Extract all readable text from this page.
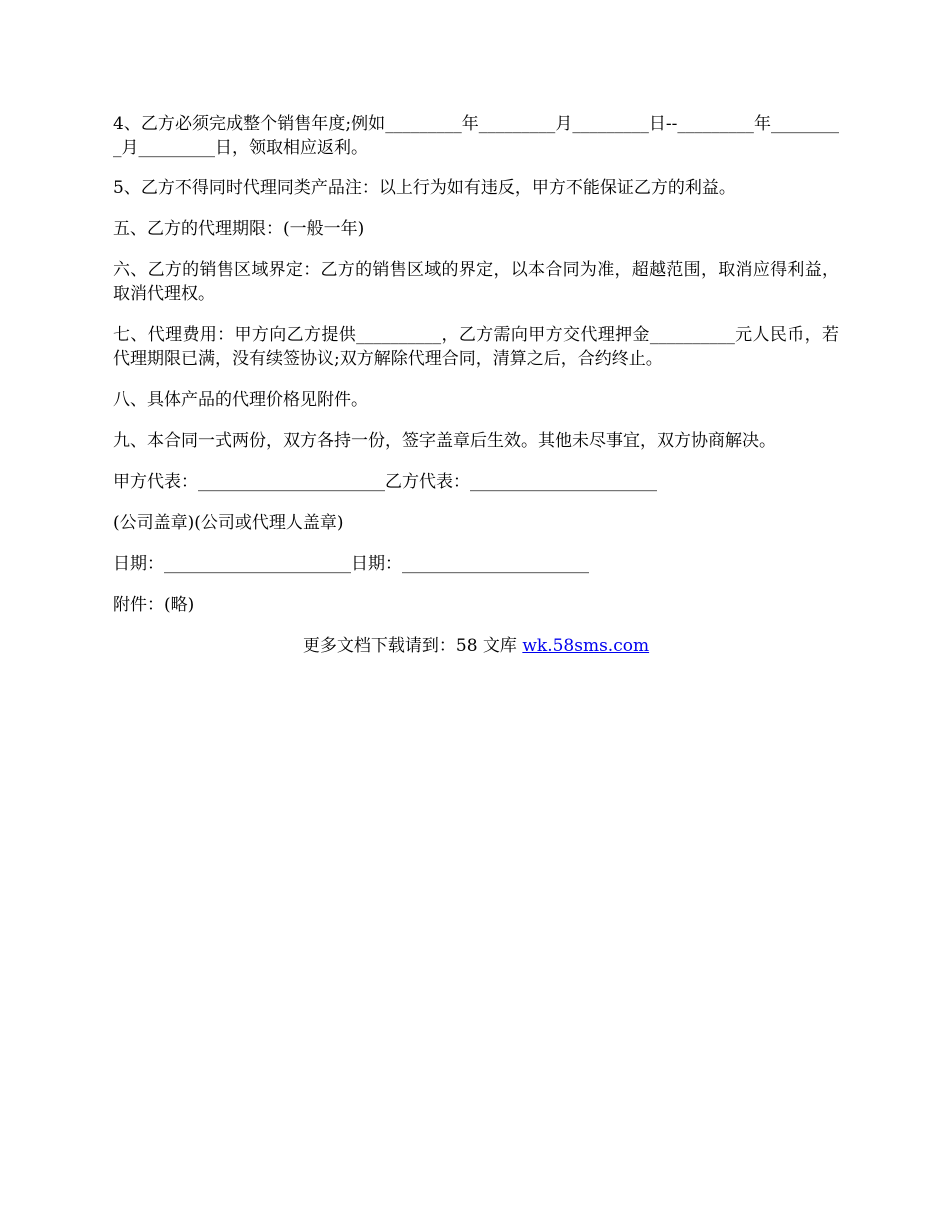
4、乙方必须完成整个销售年度;例如_________年_________月_________日--_________年_________月_________日，领取相应返利。

5、乙方不得同时代理同类产品注：以上行为如有违反，甲方不能保证乙方的利益。

五、乙方的代理期限：(一般一年)

六、乙方的销售区域界定：乙方的销售区域的界定，以本合同为准，超越范围，取消应得利益，取消代理权。

七、代理费用：甲方向乙方提供__________，乙方需向甲方交代理押金__________元人民币，若代理期限已满，没有续签协议;双方解除代理合同，清算之后，合约终止。

八、具体产品的代理价格见附件。

九、本合同一式两份，双方各持一份，签字盖章后生效。其他未尽事宜，双方协商解决。

甲方代表：______________________乙方代表：______________________

(公司盖章)(公司或代理人盖章)

日期：______________________日期：______________________

附件：(略)

更多文档下载请到：58 文库 wk.58sms.com
